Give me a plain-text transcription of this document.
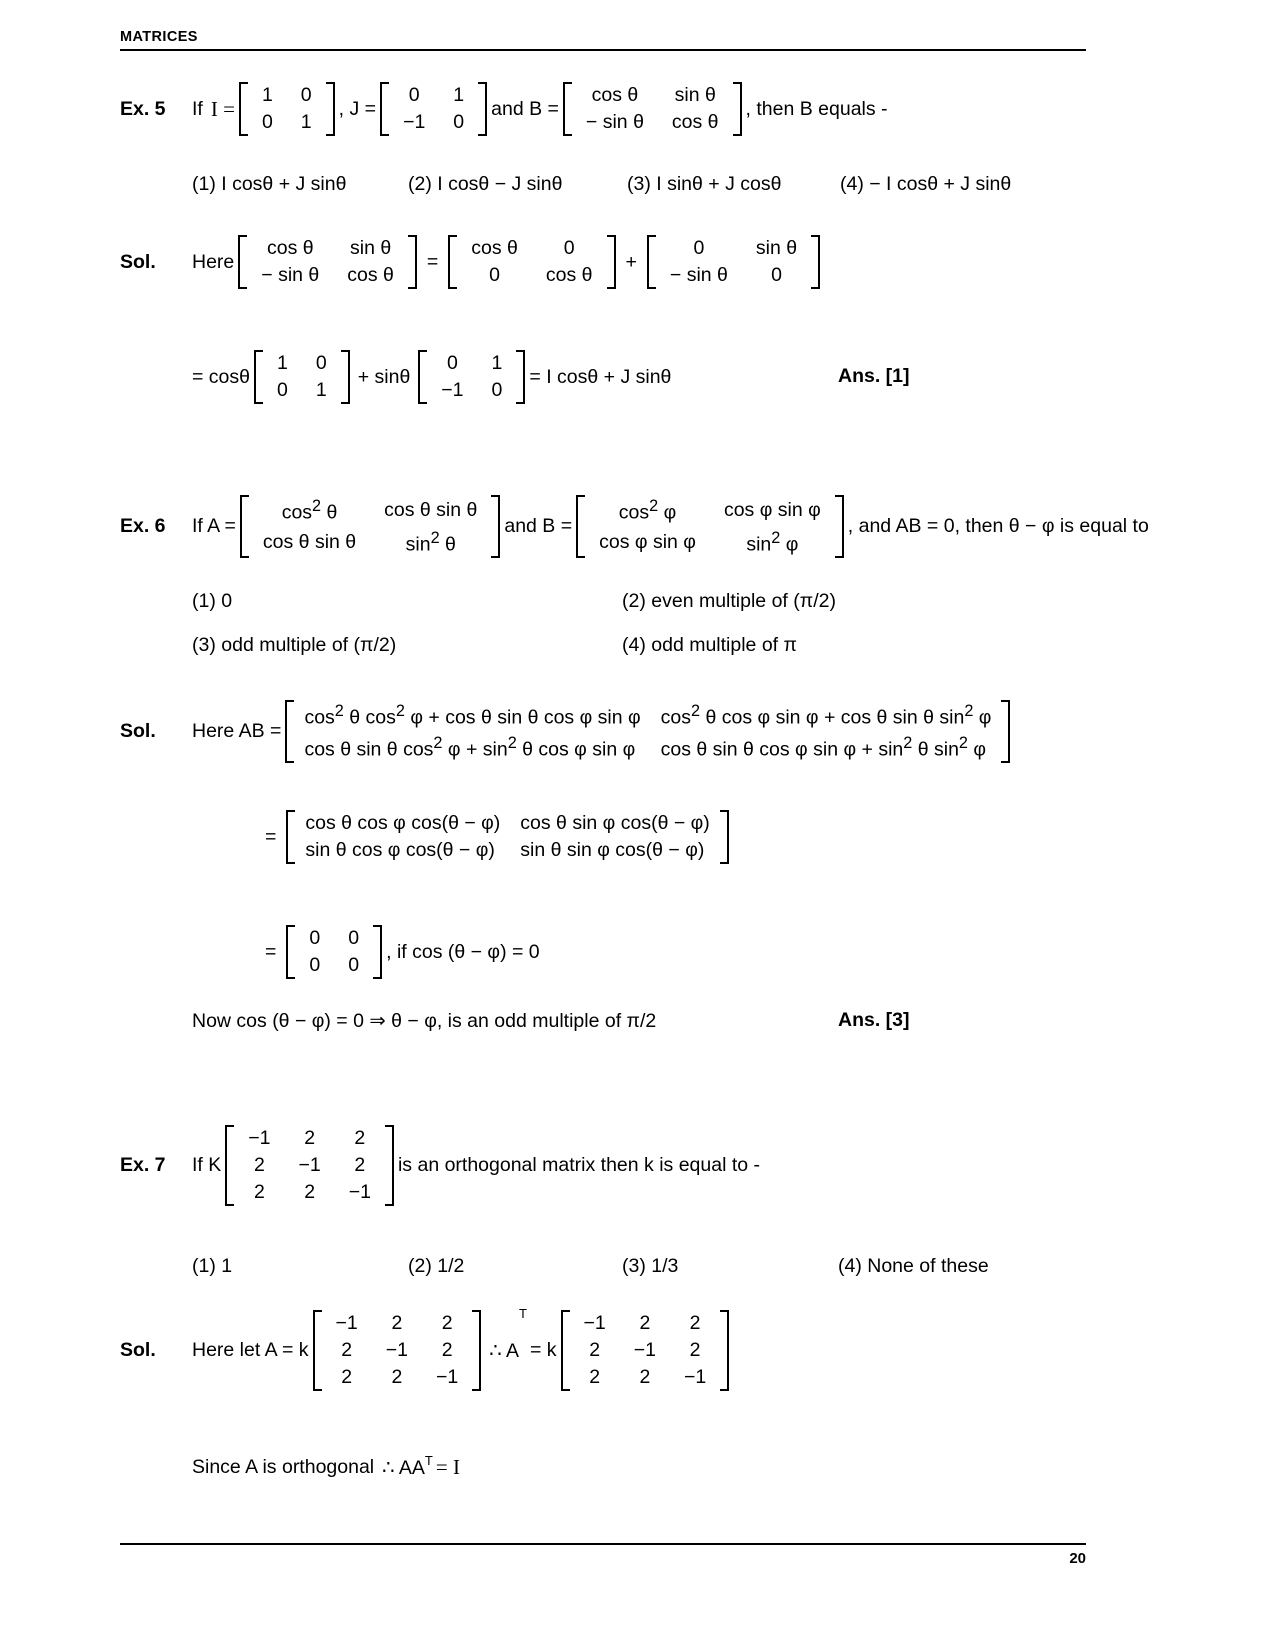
MATRICES
Ex. 5	If I =
1	0
0	1
, J =
0	1
−1	0
and B =
cos θ	sin θ
− sin θ	cos θ
, then B equals -
(1) I cosθ + J sinθ	(2) I cosθ − J sinθ	(3) I sinθ + J cosθ	(4) − I cosθ + J sinθ
Sol.	Here
cos θ	sin θ
− sin θ	cos θ
=
cos θ	0
0	cos θ
+
0	sin θ
− sin θ	0
= cosθ
1	0
0	1
+ sinθ
0	1
−1	0
= I cosθ + J sinθ	Ans. [1]
Ex. 6	If A =
$\cos^2 \theta$	cos θ sin θ
cos θ sin θ	$\sin^2 \theta$
and B =
$\cos^2 \varphi$	cos φ sin φ
cos φ sin φ	$\sin^2 \varphi$
, and AB = 0, then θ − φ is equal to
(1) 0	(2) even multiple of (π/2)
(3) odd multiple of (π/2)	(4) odd multiple of π
Sol.	Here AB =
$\cos^2 \theta$ $\cos^2 \varphi + \cos \theta$ sin θ cos φ sin φ	$\cos^2 \theta$ cos φ sin φ + cos θ sin θ $\sin^2 \varphi$
cos θ sin θ $\cos^2 \varphi + \sin^2 \theta$ cos φ sin φ	cos θ sin θ cos φ $\sin \varphi + \sin^2 \theta$ $\sin^2 \varphi$
=
cos θ cos φ cos(θ − φ)	cos θ sin φ cos(θ − φ)
sin θ cos φ cos(θ − φ)	sin θ sin φ cos(θ − φ)
=
0	0
0	0
, if cos (θ − φ) = 0
Now cos (θ − φ) = 0 ⇒ θ − φ, is an odd multiple of π/2	Ans. [3]
Ex. 7	If K
−1	2	2
2	−1	2
2	2	−1
is an orthogonal matrix then k is equal to -
(1) 1	(2) 1/2	(3) 1/3	(4) None of these
Sol.	Here let A = k
−1	2	2
2	−1	2
2	2	−1
∴ A
T
= k
−1	2	2
2	−1	2
2	2	−1
Since A is orthogonal ∴ AA T = I
20
